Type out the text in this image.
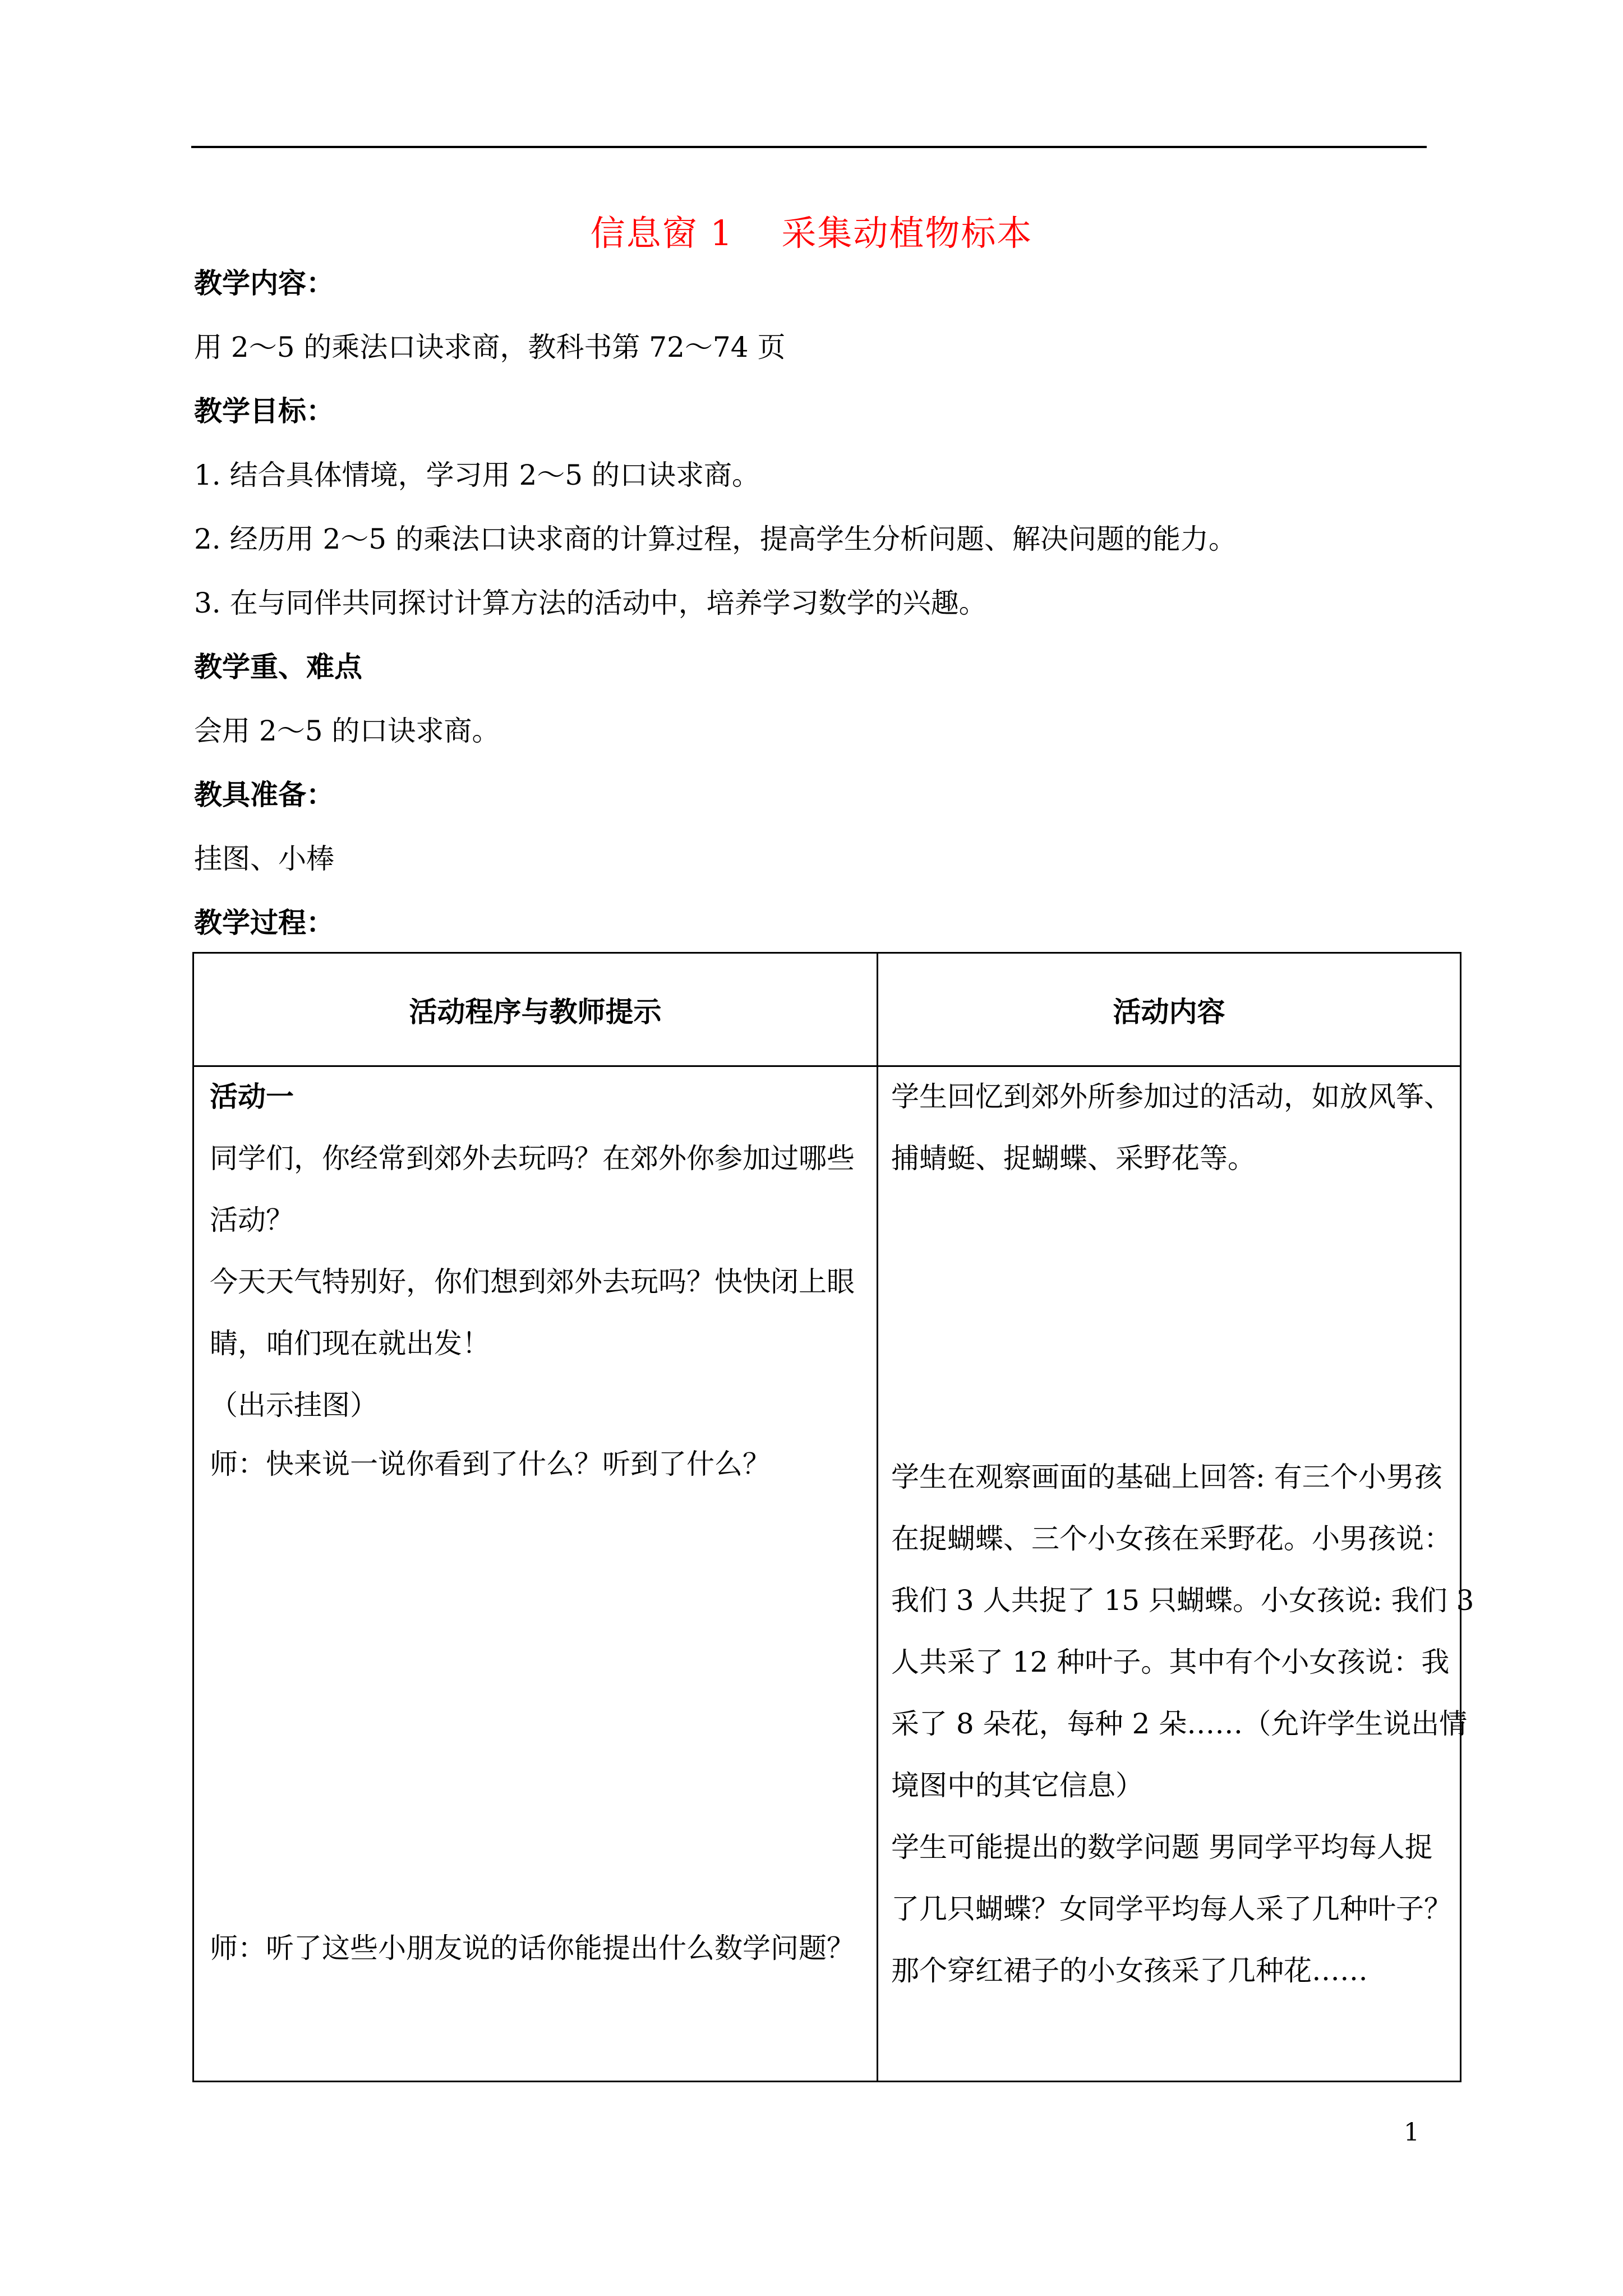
信息窗 1　 采集动植物标本
教学内容：
用 2～5 的乘法口诀求商，教科书第 72～74 页
教学目标：
1. 结合具体情境，学习用 2～5 的口诀求商。
2. 经历用 2～5 的乘法口诀求商的计算过程，提高学生分析问题、解决问题的能力。
3. 在与同伴共同探讨计算方法的活动中，培养学习数学的兴趣。
教学重、难点
会用 2～5 的口诀求商。
教具准备：
挂图、小棒
教学过程：
活动程序与教师提示	活动内容
活动一
同学们，你经常到郊外去玩吗？在郊外你参加过哪些
活动？
今天天气特别好，你们想到郊外去玩吗？快快闭上眼
睛，咱们现在就出发！
（出示挂图）
师：快来说一说你看到了什么？听到了什么？
师：听了这些小朋友说的话你能提出什么数学问题？
学生回忆到郊外所参加过的活动，如放风筝、
捕蜻蜓、捉蝴蝶、采野花等。
学生在观察画面的基础上回答: 有三个小男孩
在捉蝴蝶、三个小女孩在采野花。小男孩说：
我们 3 人共捉了 15 只蝴蝶。小女孩说: 我们 3
人共采了 12 种叶子。其中有个小女孩说：我
采了 8 朵花，每种 2 朵……（允许学生说出情
境图中的其它信息）
学生可能提出的数学问题 男同学平均每人捉
了几只蝴蝶？女同学平均每人采了几种叶子？
那个穿红裙子的小女孩采了几种花……
1
